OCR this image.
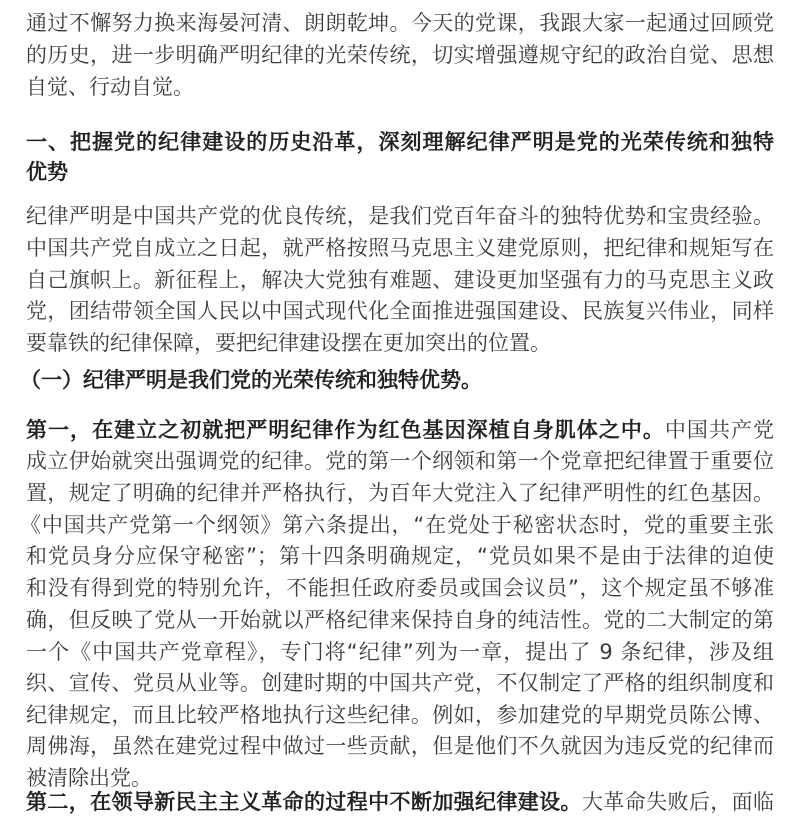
通过不懈努力换来海晏河清、朗朗乾坤。今天的党课，我跟大家一起通过回顾党
的历史，进一步明确严明纪律的光荣传统，切实增强遵规守纪的政治自觉、思想
自觉、行动自觉。
一、把握党的纪律建设的历史沿革，深刻理解纪律严明是党的光荣传统和独特
优势
纪律严明是中国共产党的优良传统，是我们党百年奋斗的独特优势和宝贵经验。
中国共产党自成立之日起，就严格按照马克思主义建党原则，把纪律和规矩写在
自己旗帜上。新征程上，解决大党独有难题、建设更加坚强有力的马克思主义政
党，团结带领全国人民以中国式现代化全面推进强国建设、民族复兴伟业，同样
要靠铁的纪律保障，要把纪律建设摆在更加突出的位置。
（一）纪律严明是我们党的光荣传统和独特优势。
第一，在建立之初就把严明纪律作为红色基因深植自身肌体之中。中国共产党
成立伊始就突出强调党的纪律。党的第一个纲领和第一个党章把纪律置于重要位
置，规定了明确的纪律并严格执行，为百年大党注入了纪律严明性的红色基因。
《中国共产党第一个纲领》第六条提出，“在党处于秘密状态时，党的重要主张
和党员身分应保守秘密”；第十四条明确规定，“党员如果不是由于法律的迫使
和没有得到党的特别允许，不能担任政府委员或国会议员”，这个规定虽不够准
确，但反映了党从一开始就以严格纪律来保持自身的纯洁性。党的二大制定的第
一个《中国共产党章程》，专门将“纪律”列为一章，提出了 9 条纪律，涉及组
织、宣传、党员从业等。创建时期的中国共产党，不仅制定了严格的组织制度和
纪律规定，而且比较严格地执行这些纪律。例如，参加建党的早期党员陈公博、
周佛海，虽然在建党过程中做过一些贡献，但是他们不久就因为违反党的纪律而
被清除出党。
第二，在领导新民主主义革命的过程中不断加强纪律建设。大革命失败后，面临
